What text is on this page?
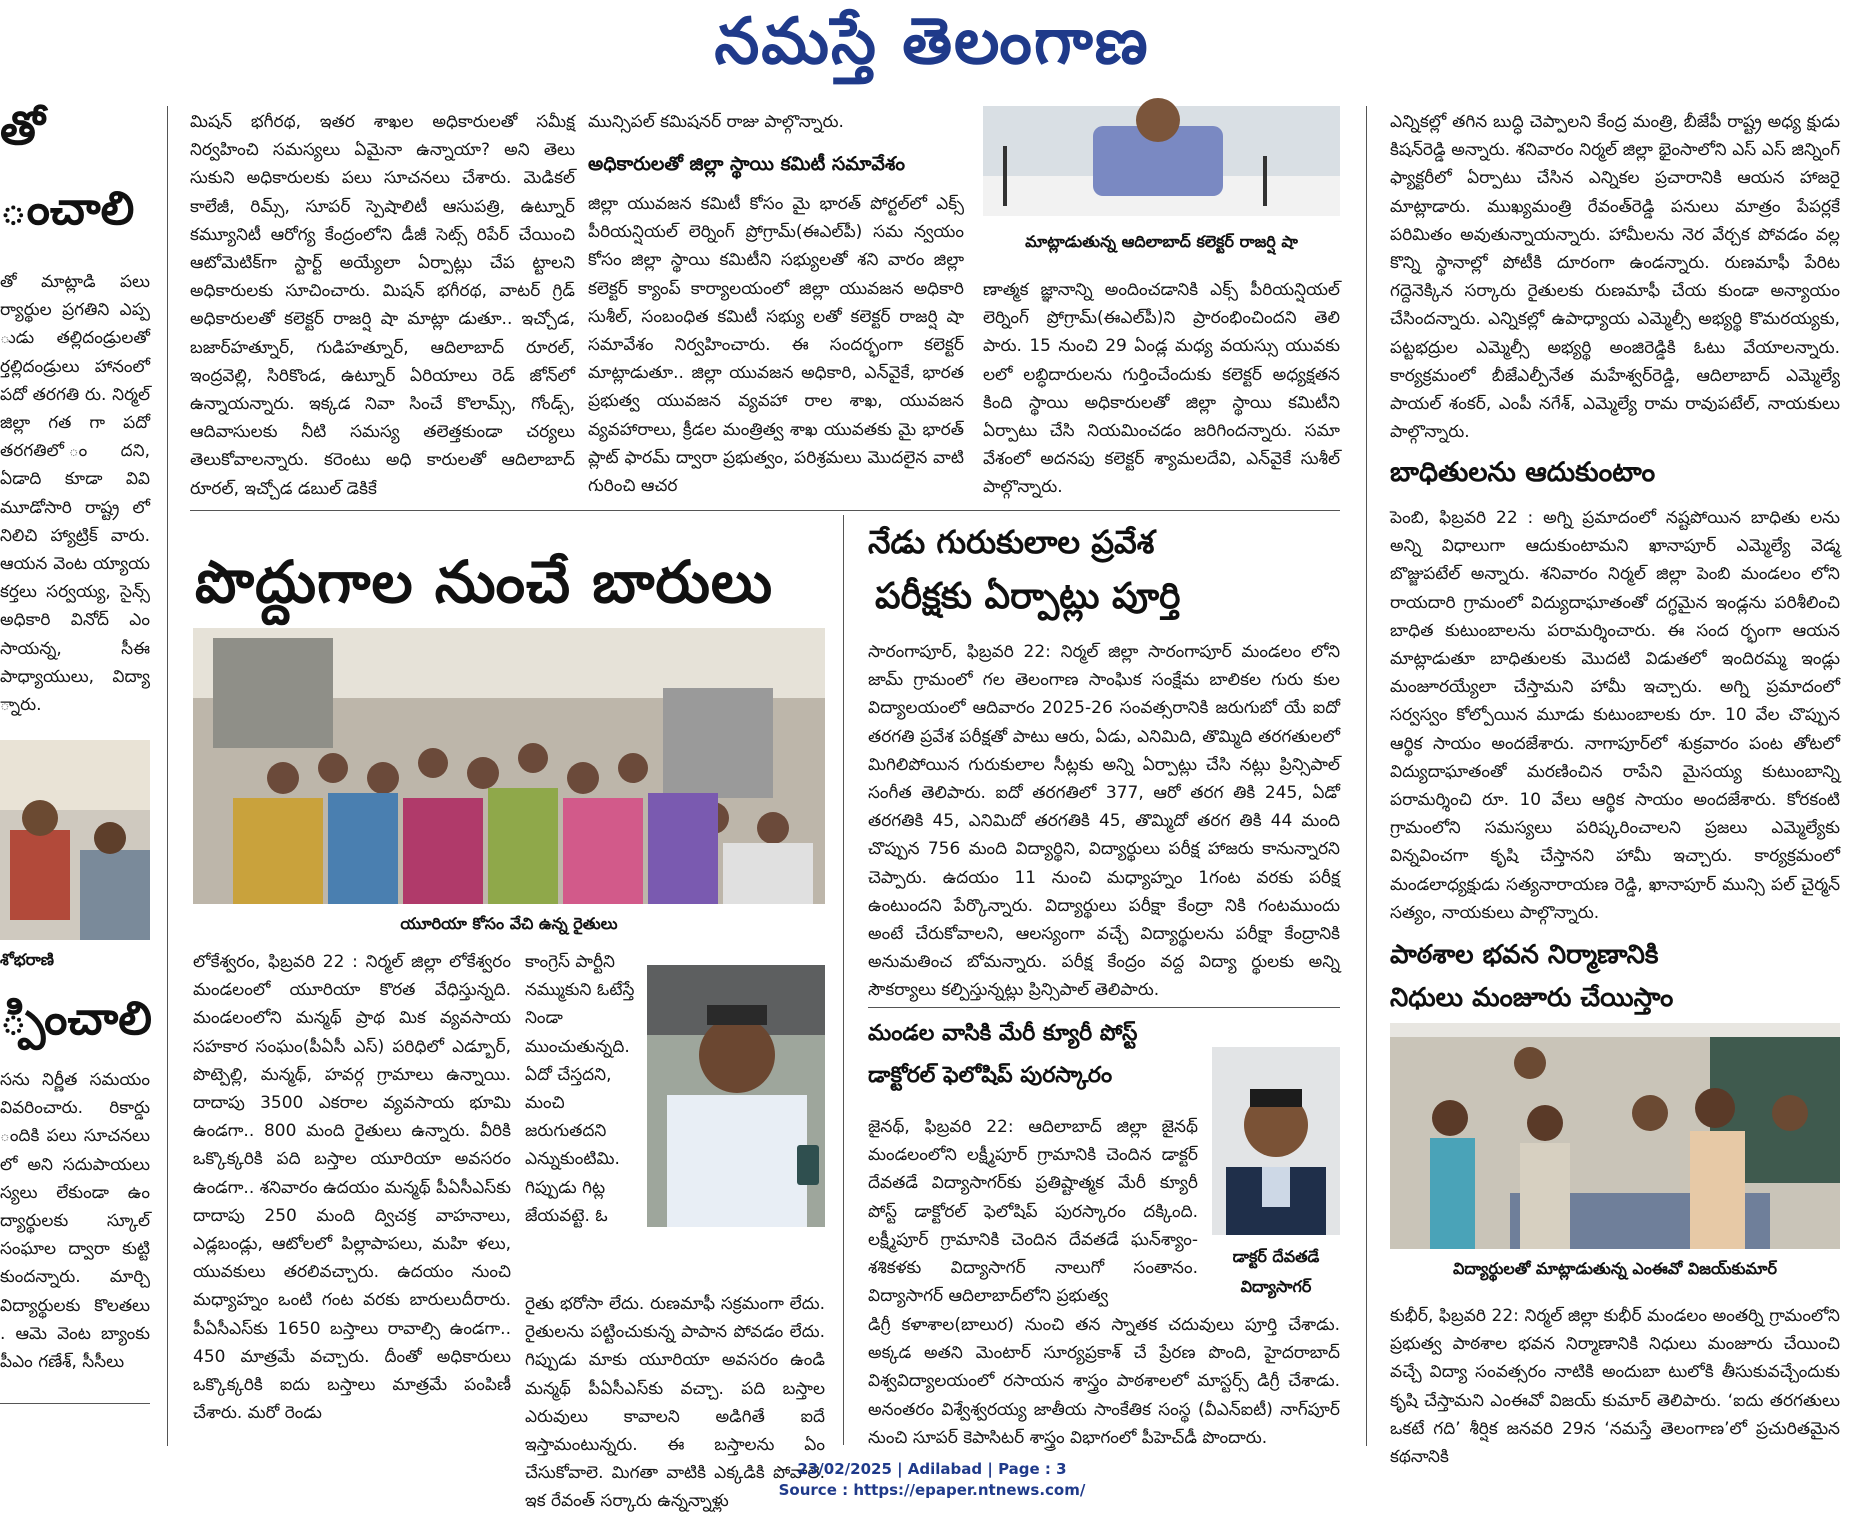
నమస్తే తెలంగాణ
తో
ంచాలి
తో మాట్లాడి పలు ర్యార్థుల ప్రగతిని ఎప్ప ుడు తల్లిదండ్రులతో ర్తల్లిదండ్రులు హానంలో పదో తరగతి రు. నిర్మల్ జిల్లా గత గా పదో తరగతిలో ందని, ఏడాది కూడా వివి మూడోసారి రాష్ట్ర లో నిలిచి హ్యాట్రిక్ వారు. ఆయన వెంట య్యాయ కర్తలు సర్వయ్య, సైన్స్ అధికారి వినోద్ ఎం సాయన్న, సీఈ పాధ్యాయులు, విద్యా ్నారు.
శోభరాణి
్పించాలి
సను నిర్ణీత సమయం వివరించారు. రికార్డు ందికి పలు సూచనలు లో అని సదుపాయలు స్యలు లేకుండా ఉం ద్యార్థులకు స్కూల్ సంఘాల ద్వారా కుట్టి కుందన్నారు. మార్చి విద్యార్థులకు కొలతలు . ఆమె వెంట బ్యాంకు పీఎం గణేశ్, సీసీలు
మిషన్ భగీరథ, ఇతర శాఖల అధికారులతో సమీక్ష నిర్వహించి సమస్యలు ఏమైనా ఉన్నాయా? అని తెలు సుకుని అధికారులకు పలు సూచనలు చేశారు. మెడికల్ కాలేజీ, రిమ్స్, సూపర్ స్పెషాలిటీ ఆసుపత్రి, ఉట్నూర్ కమ్యూనిటీ ఆరోగ్య కేంద్రంలోని డీజీ సెట్స్ రిపేర్ చేయించి ఆటోమెటిక్‌గా స్టార్ట్ అయ్యేలా ఏర్పాట్లు చేప ట్టాలని అధికారులకు సూచించారు. మిషన్ భగీరథ, వాటర్ గ్రిడ్ అధికారులతో కలెక్టర్ రాజర్షి షా మాట్లా డుతూ.. ఇచ్చోడ, బజార్‌హత్నూర్, గుడిహత్నూర్, ఆదిలాబాద్ రూరల్, ఇంద్రవెల్లి, సిరికొండ, ఉట్నూర్ ఏరియాలు రెడ్ జోన్‌లో ఉన్నాయన్నారు. ఇక్కడ నివా సించే కొలామ్స్, గోండ్స్, ఆదివాసులకు నీటి సమస్య తలెత్తకుండా చర్యలు తెలుకోవాలన్నారు. కరెంటు అధి కారులతో ఆదిలాబాద్ రూరల్, ఇచ్చోడ డబుల్ డెకికే
మున్సిపల్ కమిషనర్ రాజు పాల్గొన్నారు.
అధికారులతో జిల్లా స్థాయి కమిటీ సమావేశం
జిల్లా యువజన కమిటీ కోసం మై భారత్ పోర్టల్‌లో ఎక్స్ పీరియన్షియల్ లెర్నింగ్ ప్రోగ్రామ్(ఈఎల్‌పీ) సమ న్వయం కోసం జిల్లా స్థాయి కమిటీని సభ్యులతో శని వారం జిల్లా కలెక్టర్ క్యాంప్ కార్యాలయంలో జిల్లా యువజన అధికారి సుశీల్, సంబంధిత కమిటీ సభ్యు లతో కలెక్టర్ రాజర్షి షా సమావేశం నిర్వహించారు. ఈ సందర్భంగా కలెక్టర్ మాట్లాడుతూ.. జిల్లా యువజన అధికారి, ఎన్‌వైకే, భారత ప్రభుత్వ యువజన వ్యవహా రాల శాఖ, యువజన వ్యవహారాలు, క్రీడల మంత్రిత్వ శాఖ యువతకు మై భారత్ ప్లాట్ ఫారమ్ ద్వారా ప్రభుత్వం, పరిశ్రమలు మొదలైన వాటి గురించి ఆచర
మాట్లాడుతున్న ఆదిలాబాద్ కలెక్టర్ రాజర్షి షా
ణాత్మక జ్ఞానాన్ని అందించడానికి ఎక్స్ పీరియన్షియల్ లెర్నింగ్ ప్రోగ్రామ్(ఈఎల్‌పీ)ని ప్రారంభించిందని తెలి పారు. 15 నుంచి 29 ఏండ్ల మధ్య వయస్సు యువకు లలో లబ్ధిదారులను గుర్తించేందుకు కలెక్టర్ అధ్యక్షతన కింది స్థాయి అధికారులతో జిల్లా స్థాయి కమిటీని ఏర్పాటు చేసి నియమించడం జరిగిందన్నారు. సమా వేశంలో అదనపు కలెక్టర్ శ్యామలదేవి, ఎన్‌వైకే సుశీల్ పాల్గొన్నారు.
పొద్దుగాల నుంచే బారులు
యూరియా కోసం వేచి ఉన్న రైతులు
లోకేశ్వరం, ఫిబ్రవరి 22 : నిర్మల్ జిల్లా లోకేశ్వరం మండలంలో యూరియా కొరత వేధిస్తున్నది. మండలంలోని మన్మథ్ ప్రాథ మిక వ్యవసాయ సహకార సంఘం(పీఏసీ ఎస్) పరిధిలో ఎడ్బూర్, పొట్పెల్లి, మన్మథ్, హవర్గ గ్రామాలు ఉన్నాయి. దాదాపు 3500 ఎకరాల వ్యవసాయ భూమి ఉండగా.. 800 మంది రైతులు ఉన్నారు. వీరికి ఒక్కొక్కరికి పది బస్తాల యూరియా అవసరం ఉండగా.. శనివారం ఉదయం మన్మథ్ పీఏసీఎస్‌కు దాదాపు 250 మంది ద్విచక్ర వాహనాలు, ఎడ్లబండ్లు, ఆటోలలో పిల్లాపాపలు, మహి ళలు, యువకులు తరలివచ్చారు. ఉదయం నుంచి మధ్యాహ్నం ఒంటి గంట వరకు బారులుదీరారు. పీఏసీఎస్‌కు 1650 బస్తాలు రావాల్సి ఉండగా.. 450 మాత్రమే వచ్చారు. దీంతో అధికారులు ఒక్కొక్కరికి ఐదు బస్తాలు మాత్రమే పంపిణీ చేశారు. మరో రెండు
కాంగ్రెస్ పార్టీని నమ్ముకుని ఓటేస్తే నిండా ముంచుతున్నది. ఏదో చేస్తదని, మంచి జరుగుతదని ఎన్నుకుంటిమి. గిప్పుడు గిట్ల జేయవట్టె. ఓ
రైతు భరోసా లేదు. రుణమాఫీ సక్రమంగా లేదు. రైతులను పట్టించుకున్న పాపాన పోవడం లేదు. గిప్పుడు మాకు యూరియా అవసరం ఉండి మన్మథ్ పీఏసీఎస్‌కు వచ్చా. పది బస్తాల ఎరువులు కావాలని అడిగితే ఐదే ఇస్తామంటున్నరు. ఈ బస్తాలను ఏం చేసుకోవాలె. మిగతా వాటికి ఎక్కడికి పోవాలె. ఇక రేవంత్ సర్కారు ఉన్నన్నాళ్లు
నేడు గురుకులాల ప్రవేశ
పరీక్షకు ఏర్పాట్లు పూర్తి
సారంగాపూర్, ఫిబ్రవరి 22: నిర్మల్ జిల్లా సారంగాపూర్ మండలం లోని జామ్ గ్రామంలో గల తెలంగాణ సాంఘిక సంక్షేమ బాలికల గురు కుల విద్యాలయంలో ఆదివారం 2025-26 సంవత్సరానికి జరుగుబో యే ఐదో తరగతి ప్రవేశ పరీక్షతో పాటు ఆరు, ఏడు, ఎనిమిది, తొమ్మిది తరగతులలో మిగిలిపోయిన గురుకులాల సీట్లకు అన్ని ఏర్పాట్లు చేసి నట్లు ప్రిన్సిపాల్ సంగీత తెలిపారు. ఐదో తరగతిలో 377, ఆరో తరగ తికి 245, ఏడో తరగతికి 45, ఎనిమిదో తరగతికి 45, తొమ్మిదో తరగ తికి 44 మంది చొప్పున 756 మంది విద్యార్థిని, విద్యార్థులు పరీక్ష హాజరు కానున్నారని చెప్పారు. ఉదయం 11 నుంచి మధ్యాహ్నం 1గంట వరకు పరీక్ష ఉంటుందని పేర్కొన్నారు. విద్యార్థులు పరీక్షా కేంద్రా నికి గంటముందు అంటే చేరుకోవాలని, ఆలస్యంగా వచ్చే విద్యార్థులను పరీక్షా కేంద్రానికి అనుమతించ బోమన్నారు. పరీక్ష కేంద్రం వద్ద విద్యా ర్థులకు అన్ని సౌకర్యాలు కల్పిస్తున్నట్లు ప్రిన్సిపాల్ తెలిపారు.
మండల వాసికి మేరీ క్యూరీ పోస్ట్
డాక్టోరల్ ఫెలోషిప్ పురస్కారం
డాక్టర్ దేవతడే
విద్యాసాగర్
జైనథ్, ఫిబ్రవరి 22: ఆదిలాబాద్ జిల్లా జైనథ్ మండలంలోని లక్ష్మీపూర్ గ్రామానికి చెందిన డాక్టర్ దేవతడే విద్యాసాగర్‌కు ప్రతిష్టాత్మక మేరీ క్యూరీ పోస్ట్ డాక్టోరల్ ఫెలోషిప్ పురస్కారం దక్కింది. లక్ష్మీపూర్ గ్రామానికి చెందిన దేవతడే ఘన్‌శ్యాం-శశికళకు విద్యాసాగర్ నాలుగో సంతానం. విద్యాసాగర్ ఆదిలాబాద్‌లోని ప్రభుత్వ
డిగ్రీ కళాశాల(బాలుర) నుంచి తన స్నాతక చదువులు పూర్తి చేశాడు. అక్కడ అతని మెంటార్ సూర్యప్రకాశ్ చే ప్రేరణ పొంది, హైదరాబాద్ విశ్వవిద్యాలయంలో రసాయన శాస్త్రం పాఠశాలలో మాస్టర్స్ డిగ్రీ చేశాడు. అనంతరం విశ్వేశ్వరయ్య జాతీయ సాంకేతిక సంస్థ (వీఎన్‌ఐటీ) నాగ్‌పూర్ నుంచి సూపర్ కెపాసిటర్ శాస్త్రం విభాగంలో పీహెచ్‌డీ పొందారు.
ఎన్నికల్లో తగిన బుద్ధి చెప్పాలని కేంద్ర మంత్రి, బీజేపీ రాష్ట్ర అధ్య క్షుడు కిషన్‌రెడ్డి అన్నారు. శనివారం నిర్మల్ జిల్లా భైంసాలోని ఎస్ ఎస్ జిన్నింగ్ ఫ్యాక్టరీలో ఏర్పాటు చేసిన ఎన్నికల ప్రచారానికి ఆయన హాజరై మాట్లాడారు. ముఖ్యమంత్రి రేవంత్‌రెడ్డి పనులు మాత్రం పేపర్లకే పరిమితం అవుతున్నాయన్నారు. హామీలను నెర వేర్చక పోవడం వల్ల కొన్ని స్థానాల్లో పోటీకి దూరంగా ఉండన్నారు. రుణమాఫీ పేరిట గద్దెనెక్కిన సర్కారు రైతులకు రుణమాఫీ చేయ కుండా అన్యాయం చేసిందన్నారు. ఎన్నికల్లో ఉపాధ్యాయ ఎమ్మెల్సీ అభ్యర్థి కొమరయ్యకు, పట్టభద్రుల ఎమ్మెల్సీ అభ్యర్థి అంజిరెడ్డికి ఓటు వేయాలన్నారు. కార్యక్రమంలో బీజేఎల్పీనేత మహేశ్వర్‌రెడ్డి, ఆదిలాబాద్ ఎమ్మెల్యే పాయల్ శంకర్, ఎంపీ నగేశ్, ఎమ్మెల్యే రామ రావుపటేల్, నాయకులు పాల్గొన్నారు.
బాధితులను ఆదుకుంటాం
పెంబి, ఫిబ్రవరి 22 : అగ్ని ప్రమాదంలో నష్టపోయిన బాధితు లను అన్ని విధాలుగా ఆదుకుంటామని ఖానాపూర్ ఎమ్మెల్యే వెడ్మ బొజ్జుపటేల్ అన్నారు. శనివారం నిర్మల్ జిల్లా పెంబి మండలం లోని రాయదారి గ్రామంలో విద్యుదాఘాతంతో దగ్ధమైన ఇండ్లను పరిశీలించి బాధిత కుటుంబాలను పరామర్శించారు. ఈ సంద ర్భంగా ఆయన మాట్లాడుతూ బాధితులకు మొదటి విడుతలో ఇందిరమ్మ ఇండ్లు మంజూరయ్యేలా చేస్తామని హామీ ఇచ్చారు. అగ్ని ప్రమాదంలో సర్వస్వం కోల్పోయిన మూడు కుటుంబాలకు రూ. 10 వేల చొప్పున ఆర్థిక సాయం అందజేశారు. నాగాపూర్‌లో శుక్రవారం పంట తోటలో విద్యుదాఘాతంతో మరణించిన రాపేని మైసయ్య కుటుంబాన్ని పరామర్శించి రూ. 10 వేలు ఆర్థిక సాయం అందజేశారు. కోరకంటి గ్రామంలోని సమస్యలు పరిష్కరించాలని ప్రజలు ఎమ్మెల్యేకు విన్నవించగా కృషి చేస్తానని హామీ ఇచ్చారు. కార్యక్రమంలో మండలాధ్యక్షుడు సత్యనారాయణ రెడ్డి, ఖానాపూర్ మున్సి పల్ చైర్మన్ సత్యం, నాయకులు పాల్గొన్నారు.
పాఠశాల భవన నిర్మాణానికి
నిధులు మంజూరు చేయిస్తాం
విద్యార్థులతో మాట్లాడుతున్న ఎంఈవో విజయ్‌కుమార్
కుభీర్, ఫిబ్రవరి 22: నిర్మల్ జిల్లా కుభీర్ మండలం అంతర్ని గ్రామంలోని ప్రభుత్వ పాఠశాల భవన నిర్మాణానికి నిధులు మంజూరు చేయించి వచ్చే విద్యా సంవత్సరం నాటికి అందుబా టులోకి తీసుకువచ్చేందుకు కృషి చేస్తామని ఎంఈవో విజయ్ కుమార్ తెలిపారు. ‘ఐదు తరగతులు ఒకటే గది’ శీర్షిక జనవరి 29న ‘నమస్తే తెలంగాణ’లో ప్రచురితమైన కథనానికి
23/02/2025 | Adilabad | Page : 3
Source : https://epaper.ntnews.com/
